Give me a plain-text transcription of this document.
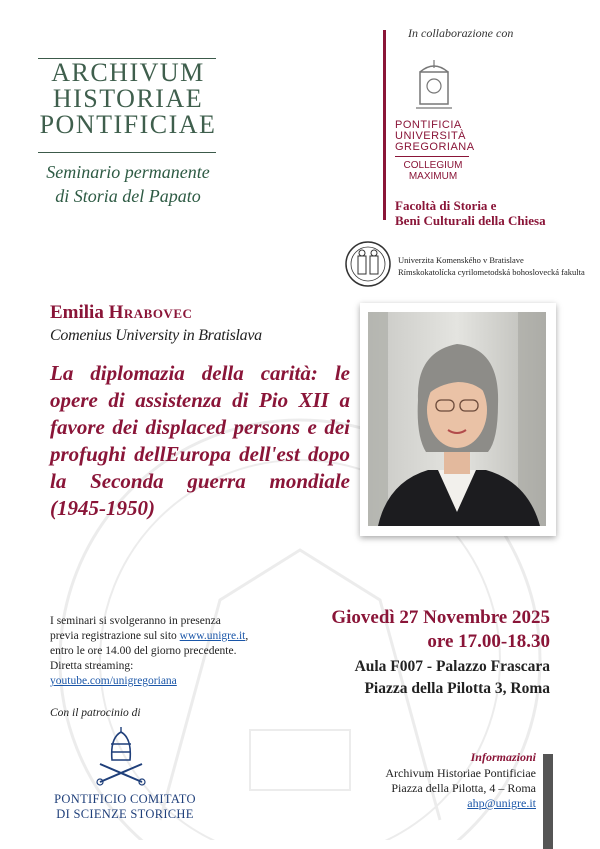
ARCHIVUM
HISTORIAE
PONTIFICIAE
Seminario permanente
di Storia del Papato
In collaborazione con
PONTIFICIA
UNIVERSITÀ
GREGORIANA
COLLEGIUM
MAXIMUM
Facoltà di Storia e
Beni Culturali della Chiesa
Univerzita Komenského v Bratislave
Rímskokatolícka cyrilometodská bohoslovecká fakulta
Emilia Hrabovec
Comenius University in Bratislava
La diplomazia della carità: le opere di assistenza di Pio XII a favore dei displaced persons e dei profughi dellEuropa dell'est dopo la Seconda guerra mondiale (1945-1950)
I seminari si svolgeranno in presenza
previa registrazione sul sito www.unigre.it,
entro le ore 14.00 del giorno precedente.
Diretta streaming:
youtube.com/unigregoriana
Giovedì 27 Novembre 2025
ore 17.00-18.30
Aula F007 - Palazzo Frascara
Piazza della Pilotta 3, Roma
Con il patrocinio di
PONTIFICIO COMITATO
DI SCIENZE STORICHE
Informazioni
Archivum Historiae Pontificiae
Piazza della Pilotta, 4 – Roma
ahp@unigre.it
